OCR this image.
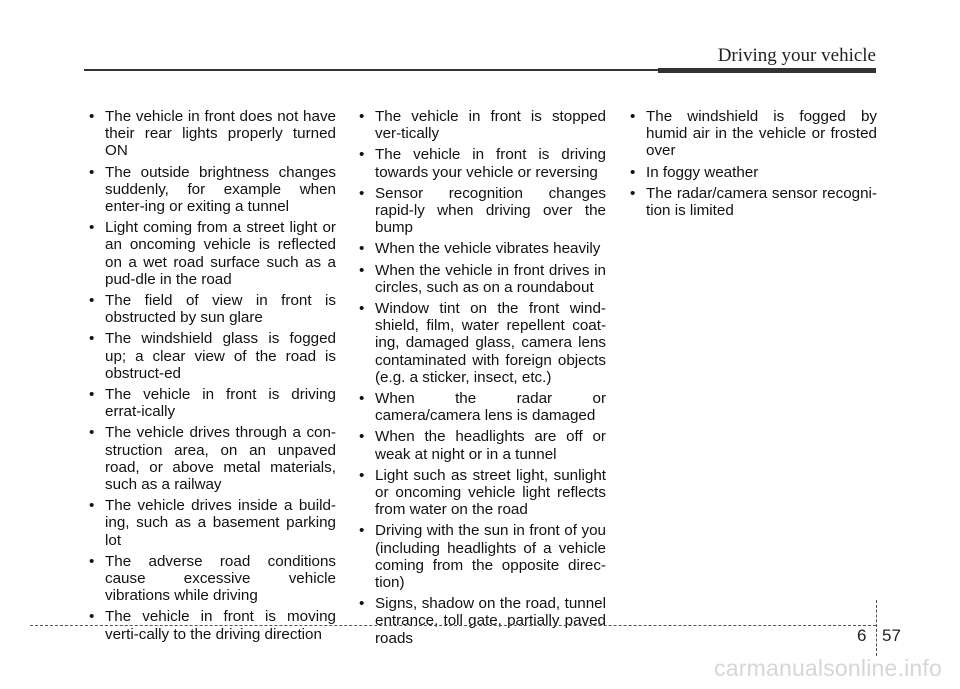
Driving your vehicle
• The vehicle in front does not have their rear lights properly turned ON
• The outside brightness changes suddenly, for example when enter-ing or exiting a tunnel
• Light coming from a street light or an oncoming vehicle is reflected on a wet road surface such as a pud-dle in the road
• The field of view in front is obstructed by sun glare
• The windshield glass is fogged up; a clear view of the road is obstruct-ed
• The vehicle in front is driving errat-ically
• The vehicle drives through a con-struction area, on an unpaved road, or above metal materials, such as a railway
• The vehicle drives inside a build-ing, such as a basement parking lot
• The adverse road conditions cause excessive vehicle vibrations while driving
• The vehicle in front is moving verti-cally to the driving direction
• The vehicle in front is stopped ver-tically
• The vehicle in front is driving towards your vehicle or reversing
• Sensor recognition changes rapid-ly when driving over the bump
• When the vehicle vibrates heavily
• When the vehicle in front drives in circles, such as on a roundabout
• Window tint on the front wind-shield, film, water repellent coat-ing, damaged glass, camera lens contaminated with foreign objects (e.g. a sticker, insect, etc.)
• When the radar or camera/camera lens is damaged
• When the headlights are off or weak at night or in a tunnel
• Light such as street light, sunlight or oncoming vehicle light reflects from water on the road
• Driving with the sun in front of you (including headlights of a vehicle coming from the opposite direc-tion)
• Signs, shadow on the road, tunnel entrance, toll gate, partially paved roads
• The windshield is fogged by humid air in the vehicle or frosted over
• In foggy weather
• The radar/camera sensor recogni-tion is limited
6 57
carmanualsonline.info
